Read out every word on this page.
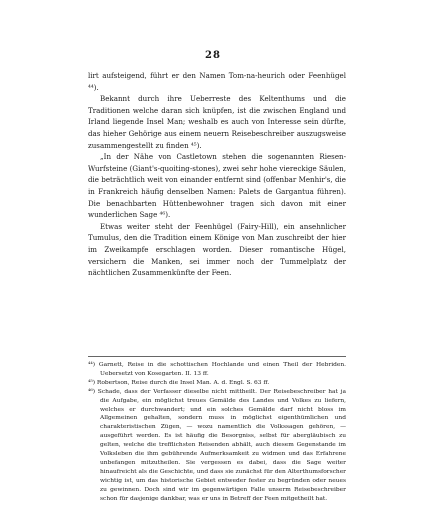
28

lirt aufsteigend, führt er den Namen Tom-na-heurich oder Feenhügel ⁴⁴).

Bekannt durch ihre Ueberreste des Keltenthums und die Traditionen welche daran sich knüpfen, ist die zwischen England und Irland liegende Insel Man; weshalb es auch von Interesse sein dürfte, das hieher Gehörige aus einem neuern Reisebeschreiber auszugsweise zusammengestellt zu finden ⁴⁵).

„In der Nähe von Castletown stehen die sogenannten Riesen-Wurfsteine (Giant's-quoiting-stones), zwei sehr hohe viereckige Säulen, die beträchtlich weit von einander entfernt sind (offenbar Menhir's, die in Frankreich häufig denselben Namen: Palets de Gargantua führen). Die benachbarten Hüttenbewohner tragen sich davon mit einer wunderlichen Sage ⁴⁶).

Etwas weiter steht der Feenhügel (Fairy-Hill), ein ansehnlicher Tumulus, den die Tradition einem Könige von Man zuschreibt der hier im Zweikampfe erschlagen worden. Dieser romantische Hügel, versichern die Manken, sei immer noch der Tummelplatz der nächtlichen Zusammenkünfte der Feen.

⁴⁴) Garnett, Reise in die schottischen Hochlande und einen Theil der Hebriden. Uebersetzt von Kosegarten. II. 13 ff.

⁴⁵) Robertson, Reise durch die Insel Man. A. d. Engl. S. 63 ff.

⁴⁶) Schade, dass der Verfasser dieselbe nicht mittheilt. Der Reisebeschreiber hat ja die Aufgabe, ein möglichst treues Gemälde des Landes und Volkes zu liefern, welches er durchwandert; und ein solches Gemälde darf nicht bloss im Allgemeinen gehalten, sondern muss in möglichst eigenthümlichen und charakteristischen Zügen, — wozu namentlich die Volkssagen gehören, — ausgeführt werden. Es ist häufig die Besorgniss, selbst für abergläubisch zu gelten, welche die trefflichsten Reisenden abhält, auch diesem Gegenstande im Volksleben die ihm gebührende Aufmerksamkeit zu widmen und das Erfahrene unbefangen mitzutheilen. Sie vergessen es dabei, dass die Sage weiter hinaufreicht als die Geschichte, und dass sie zunächst für den Alterthumsforscher wichtig ist, um das historische Gebiet entweder fester zu begründen oder neues zu gewinnen. Doch sind wir im gegenwärtigen Falle unserm Reisebeschreiber schon für dasjenige dankbar, was er uns in Betreff der Feen mitgetheilt hat.
